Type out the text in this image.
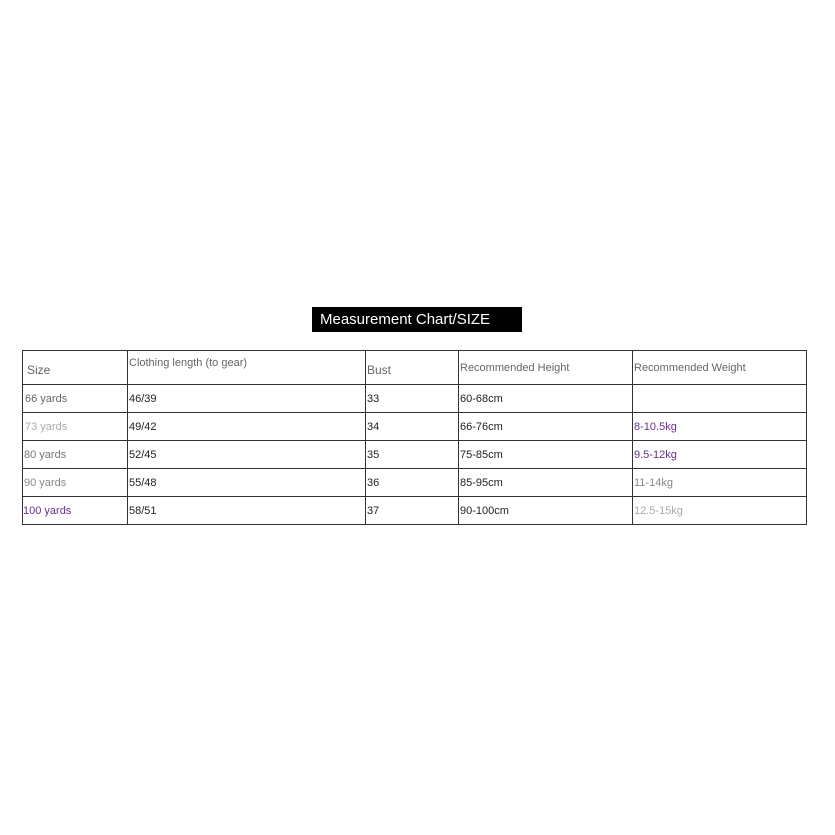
Measurement Chart/SIZE
Size	Clothing length (to gear)	Bust	Recommended Height	Recommended Weight
66 yards	46/39	33	60-68cm	
73 yards	49/42	34	66-76cm	8-10.5kg
80 yards	52/45	35	75-85cm	9.5-12kg
90 yards	55/48	36	85-95cm	11-14kg
100 yards	58/51	37	90-100cm	12.5-15kg
